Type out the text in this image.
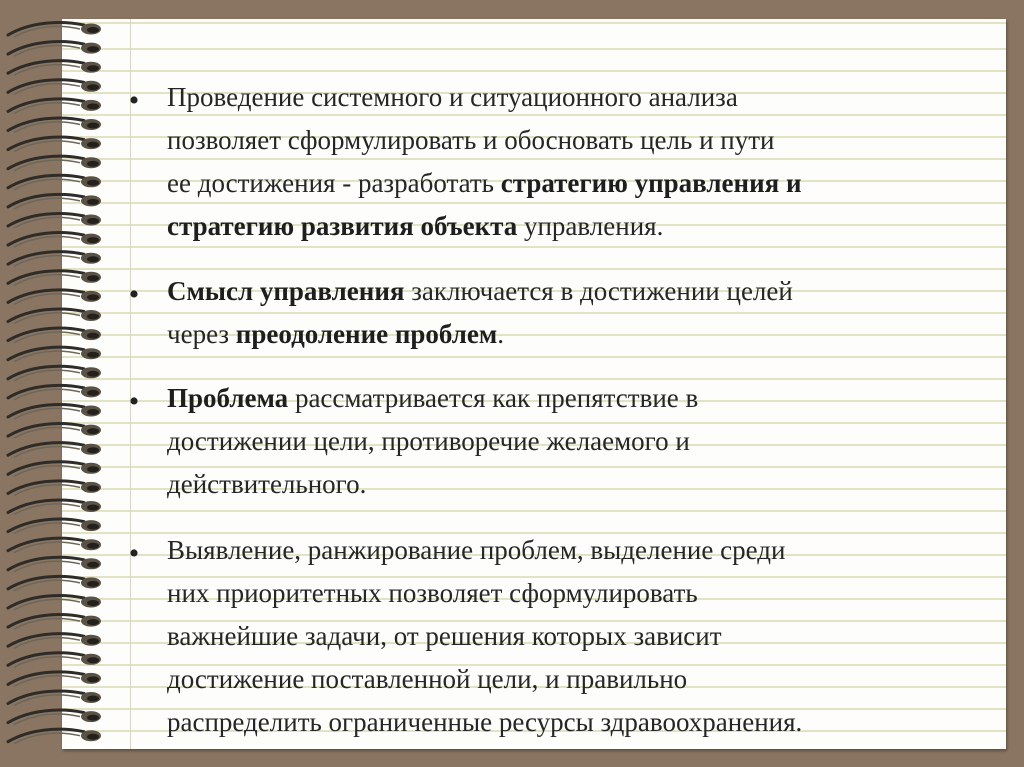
• Проведение системного и ситуационного анализа
позволяет сформулировать и обосновать цель и пути
ее достижения - разработать стратегию управления и
стратегию развития объекта управления.

• Смысл управления заключается в достижении целей
через преодоление проблем.

• Проблема рассматривается как препятствие в
достижении цели, противоречие желаемого и
действительного.

• Выявление, ранжирование проблем, выделение среди
них приоритетных позволяет сформулировать
важнейшие задачи, от решения которых зависит
достижение поставленной цели, и правильно
распределить ограниченные ресурсы здравоохранения.
